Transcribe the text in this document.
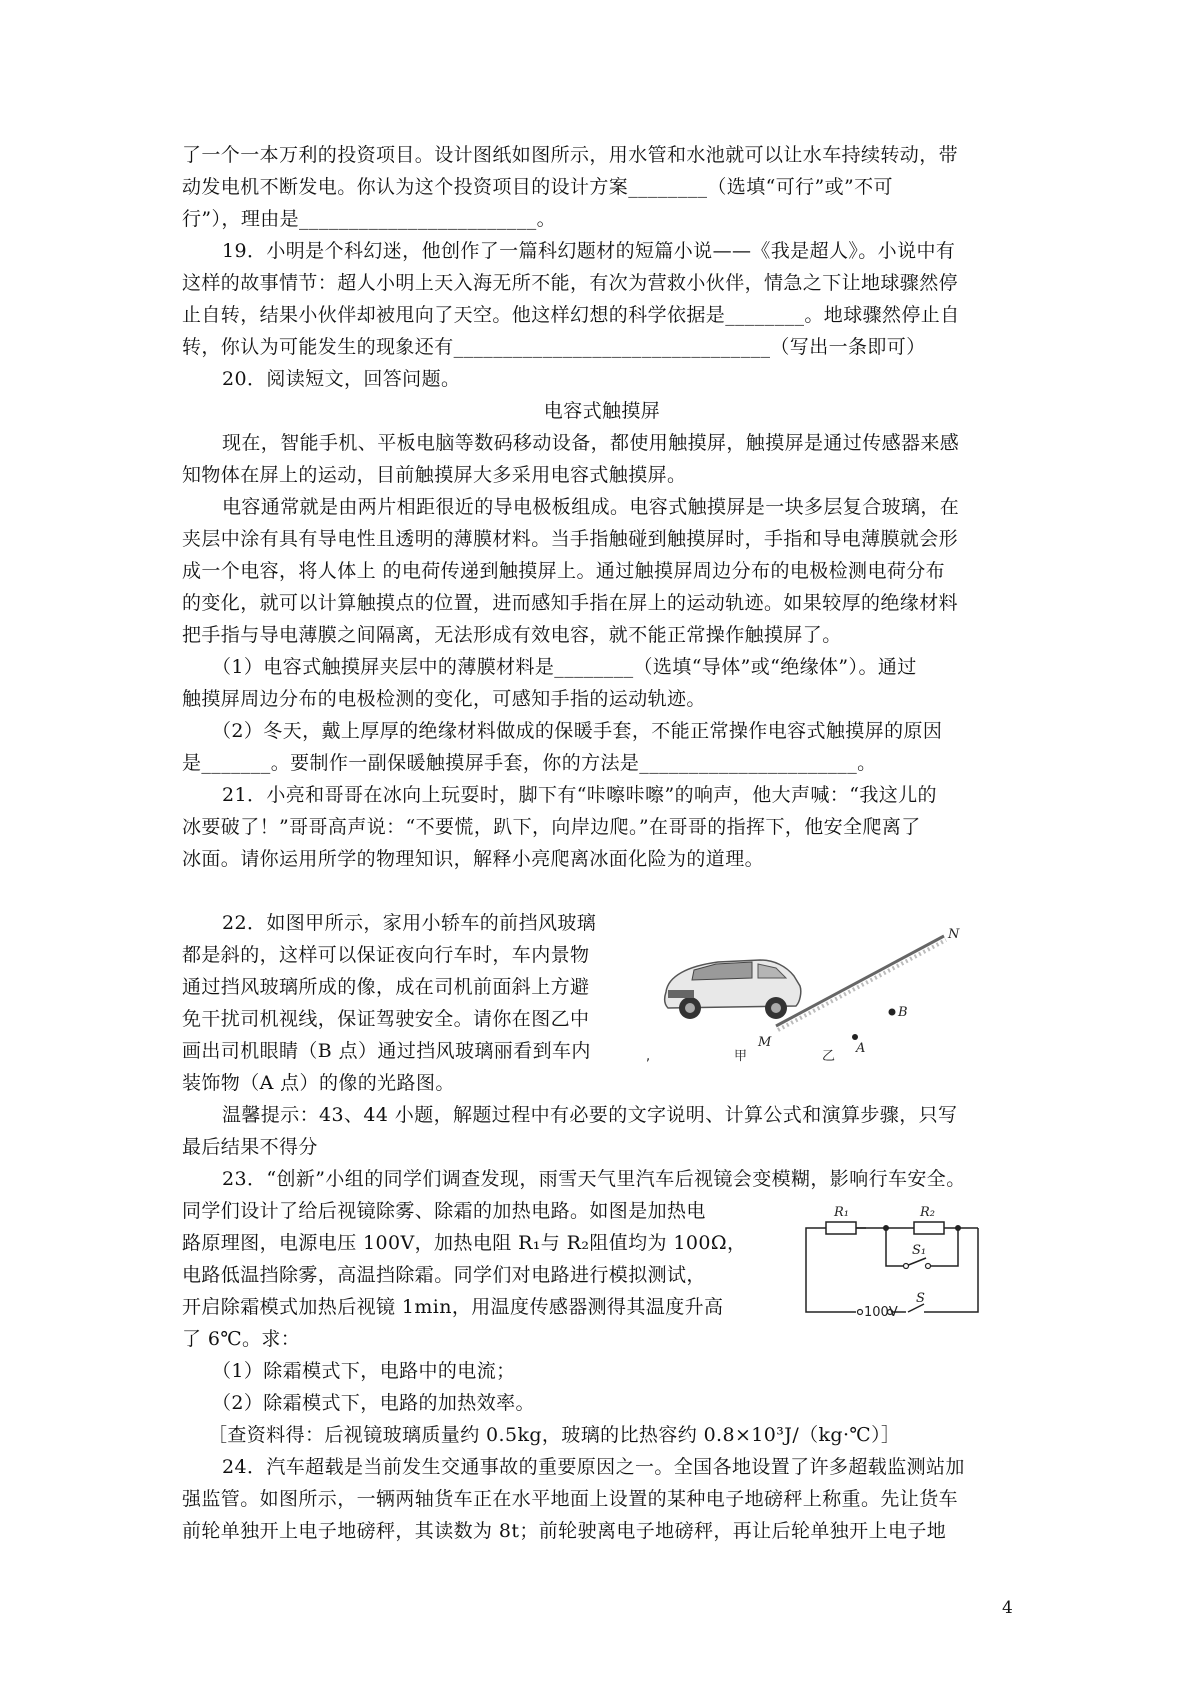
了一个一本万利的投资项目。设计图纸如图所示，用水管和水池就可以让水车持续转动，带
动发电机不断发电。你认为这个投资项目的设计方案________（选填“可行”或”不可
行”），理由是________________________。
19．小明是个科幻迷，他创作了一篇科幻题材的短篇小说——《我是超人》。小说中有
这样的故事情节：超人小明上天入海无所不能，有次为营救小伙伴，情急之下让地球骤然停
止自转，结果小伙伴却被甩向了天空。他这样幻想的科学依据是________。地球骤然停止自
转，你认为可能发生的现象还有________________________________（写出一条即可）
20．阅读短文，回答问题。
电容式触摸屏
现在，智能手机、平板电脑等数码移动设备，都使用触摸屏，触摸屏是通过传感器来感
知物体在屏上的运动，目前触摸屏大多采用电容式触摸屏。
电容通常就是由两片相距很近的导电极板组成。电容式触摸屏是一块多层复合玻璃，在
夹层中涂有具有导电性且透明的薄膜材料。当手指触碰到触摸屏时，手指和导电薄膜就会形
成一个电容，将人体上 的电荷传递到触摸屏上。通过触摸屏周边分布的电极检测电荷分布
的变化，就可以计算触摸点的位置，进而感知手指在屏上的运动轨迹。如果较厚的绝缘材料
把手指与导电薄膜之间隔离，无法形成有效电容，就不能正常操作触摸屏了。
（1）电容式触摸屏夹层中的薄膜材料是________（选填“导体”或“绝缘体”）。通过
触摸屏周边分布的电极检测的变化，可感知手指的运动轨迹。
（2）冬天，戴上厚厚的绝缘材料做成的保暖手套，不能正常操作电容式触摸屏的原因
是_______。要制作一副保暖触摸屏手套，你的方法是______________________。
21．小亮和哥哥在冰向上玩耍时，脚下有“咔嚓咔嚓”的响声，他大声喊：“我这儿的
冰要破了！”哥哥高声说：“不要慌，趴下，向岸边爬。”在哥哥的指挥下，他安全爬离了
冰面。请你运用所学的物理知识，解释小亮爬离冰面化险为的道理。
22．如图甲所示，家用小轿车的前挡风玻璃
都是斜的，这样可以保证夜向行车时，车内景物
通过挡风玻璃所成的像，成在司机前面斜上方避
免干扰司机视线，保证驾驶安全。请你在图乙中
画出司机眼睛（B 点）通过挡风玻璃丽看到车内
装饰物（A 点）的像的光路图。
,	甲
N
M	A
B
乙
温馨提示：43、44 小题，解题过程中有必要的文字说明、计算公式和演算步骤，只写
最后结果不得分
23．“创新”小组的同学们调查发现，雨雪天气里汽车后视镜会变模糊，影响行车安全。
同学们设计了给后视镜除雾、除霜的加热电路。如图是加热电
路原理图，电源电压 100V，加热电阻 R₁与 R₂阻值均为 100Ω，
电路低温挡除雾，高温挡除霜。同学们对电路进行模拟测试，
开启除霜模式加热后视镜 1min，用温度传感器测得其温度升高
了 6℃。求：
R₁	R₂
S₁
S
100V
（1）除霜模式下，电路中的电流；
（2）除霜模式下，电路的加热效率。
［查资料得：后视镜玻璃质量约 0.5kg，玻璃的比热容约 0.8×10³J/（kg·℃）］
24．汽车超载是当前发生交通事故的重要原因之一。全国各地设置了许多超载监测站加
强监管。如图所示，一辆两轴货车正在水平地面上设置的某种电子地磅秤上称重。先让货车
前轮单独开上电子地磅秤，其读数为 8t；前轮驶离电子地磅秤，再让后轮单独开上电子地
4
